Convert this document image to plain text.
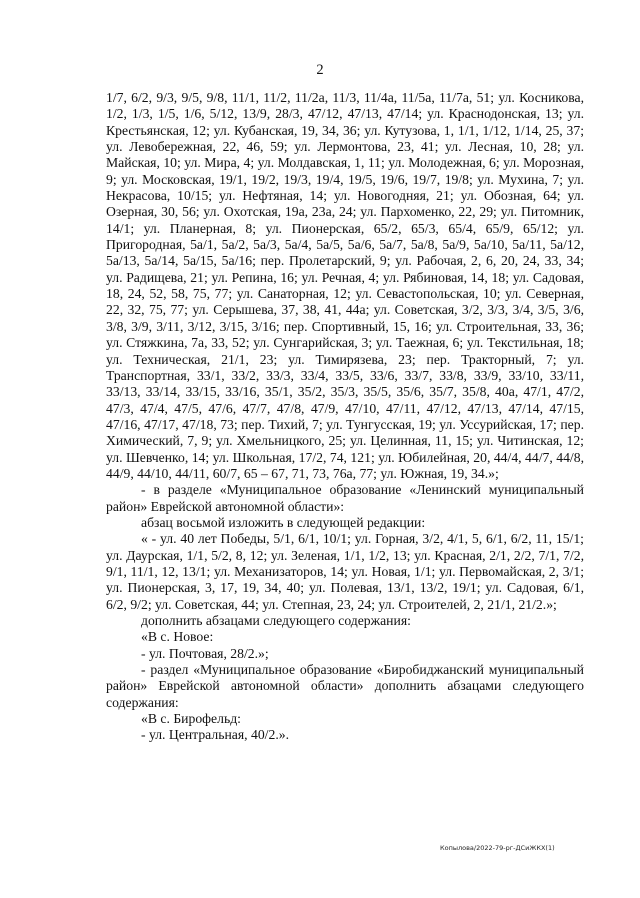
2

1/7, 6/2, 9/3, 9/5, 9/8, 11/1, 11/2, 11/2а, 11/3, 11/4а, 11/5а, 11/7а, 51; ул. Косникова, 1/2, 1/3, 1/5, 1/6, 5/12, 13/9, 28/3, 47/12, 47/13, 47/14; ул. Краснодонская, 13; ул. Крестьянская, 12; ул. Кубанская, 19, 34, 36; ул. Кутузова, 1, 1/1, 1/12, 1/14, 25, 37; ул. Левобережная, 22, 46, 59; ул. Лермонтова, 23, 41; ул. Лесная, 10, 28; ул. Майская, 10; ул. Мира, 4; ул. Молдавская, 1, 11; ул. Молодежная, 6; ул. Морозная, 9; ул. Московская, 19/1, 19/2, 19/3, 19/4, 19/5, 19/6, 19/7, 19/8; ул. Мухина, 7; ул. Некрасова, 10/15; ул. Нефтяная, 14; ул. Новогодняя, 21; ул. Обозная, 64; ул. Озерная, 30, 56; ул. Охотская, 19а, 23а, 24; ул. Пархоменко, 22, 29; ул. Питомник, 14/1; ул. Планерная, 8; ул. Пионерская, 65/2, 65/3, 65/4, 65/9, 65/12; ул. Пригородная, 5а/1, 5а/2, 5а/3, 5а/4, 5а/5, 5а/6, 5а/7, 5а/8, 5а/9, 5а/10, 5а/11, 5а/12, 5а/13, 5а/14, 5а/15, 5а/16; пер. Пролетарский, 9; ул. Рабочая, 2, 6, 20, 24, 33, 34; ул. Радищева, 21; ул. Репина, 16; ул. Речная, 4; ул. Рябиновая, 14, 18; ул. Садовая, 18, 24, 52, 58, 75, 77; ул. Санаторная, 12; ул. Севастопольская, 10; ул. Северная, 22, 32, 75, 77; ул. Серышева, 37, 38, 41, 44а; ул. Советская, 3/2, 3/3, 3/4, 3/5, 3/6, 3/8, 3/9, 3/11, 3/12, 3/15, 3/16; пер. Спортивный, 15, 16; ул. Строительная, 33, 36; ул. Стяжкина, 7а, 33, 52; ул. Сунгарийская, 3; ул. Таежная, 6; ул. Текстильная, 18; ул. Техническая, 21/1, 23; ул. Тимирязева, 23; пер. Тракторный, 7; ул. Транспортная, 33/1, 33/2, 33/3, 33/4, 33/5, 33/6, 33/7, 33/8, 33/9, 33/10, 33/11, 33/13, 33/14, 33/15, 33/16, 35/1, 35/2, 35/3, 35/5, 35/6, 35/7, 35/8, 40а, 47/1, 47/2, 47/3, 47/4, 47/5, 47/6, 47/7, 47/8, 47/9, 47/10, 47/11, 47/12, 47/13, 47/14, 47/15, 47/16, 47/17, 47/18, 73; пер. Тихий, 7; ул. Тунгусская, 19; ул. Уссурийская, 17; пер. Химический, 7, 9; ул. Хмельницкого, 25; ул. Целинная, 11, 15; ул. Читинская, 12; ул. Шевченко, 14; ул. Школьная, 17/2, 74, 121; ул. Юбилейная, 20, 44/4, 44/7, 44/8, 44/9, 44/10, 44/11, 60/7, 65 – 67, 71, 73, 76а, 77; ул. Южная, 19, 34.»;

- в разделе «Муниципальное образование «Ленинский муниципальный район» Еврейской автономной области»:

абзац восьмой изложить в следующей редакции:

« - ул. 40 лет Победы, 5/1, 6/1, 10/1; ул. Горная, 3/2, 4/1, 5, 6/1, 6/2, 11, 15/1; ул. Даурская, 1/1, 5/2, 8, 12; ул. Зеленая, 1/1, 1/2, 13; ул. Красная, 2/1, 2/2, 7/1, 7/2, 9/1, 11/1, 12, 13/1; ул. Механизаторов, 14; ул. Новая, 1/1; ул. Первомайская, 2, 3/1; ул. Пионерская, 3, 17, 19, 34, 40; ул. Полевая, 13/1, 13/2, 19/1; ул. Садовая, 6/1, 6/2, 9/2; ул. Советская, 44; ул. Степная, 23, 24; ул. Строителей, 2, 21/1, 21/2.»;

дополнить абзацами следующего содержания:

«В с. Новое:

- ул. Почтовая, 28/2.»;

- раздел «Муниципальное образование «Биробиджанский муниципальный район» Еврейской автономной области» дополнить абзацами следующего содержания:

«В с. Бирофельд:

- ул. Центральная, 40/2.».

Копылова/2022-79-рг-ДСиЖКХ(1)
